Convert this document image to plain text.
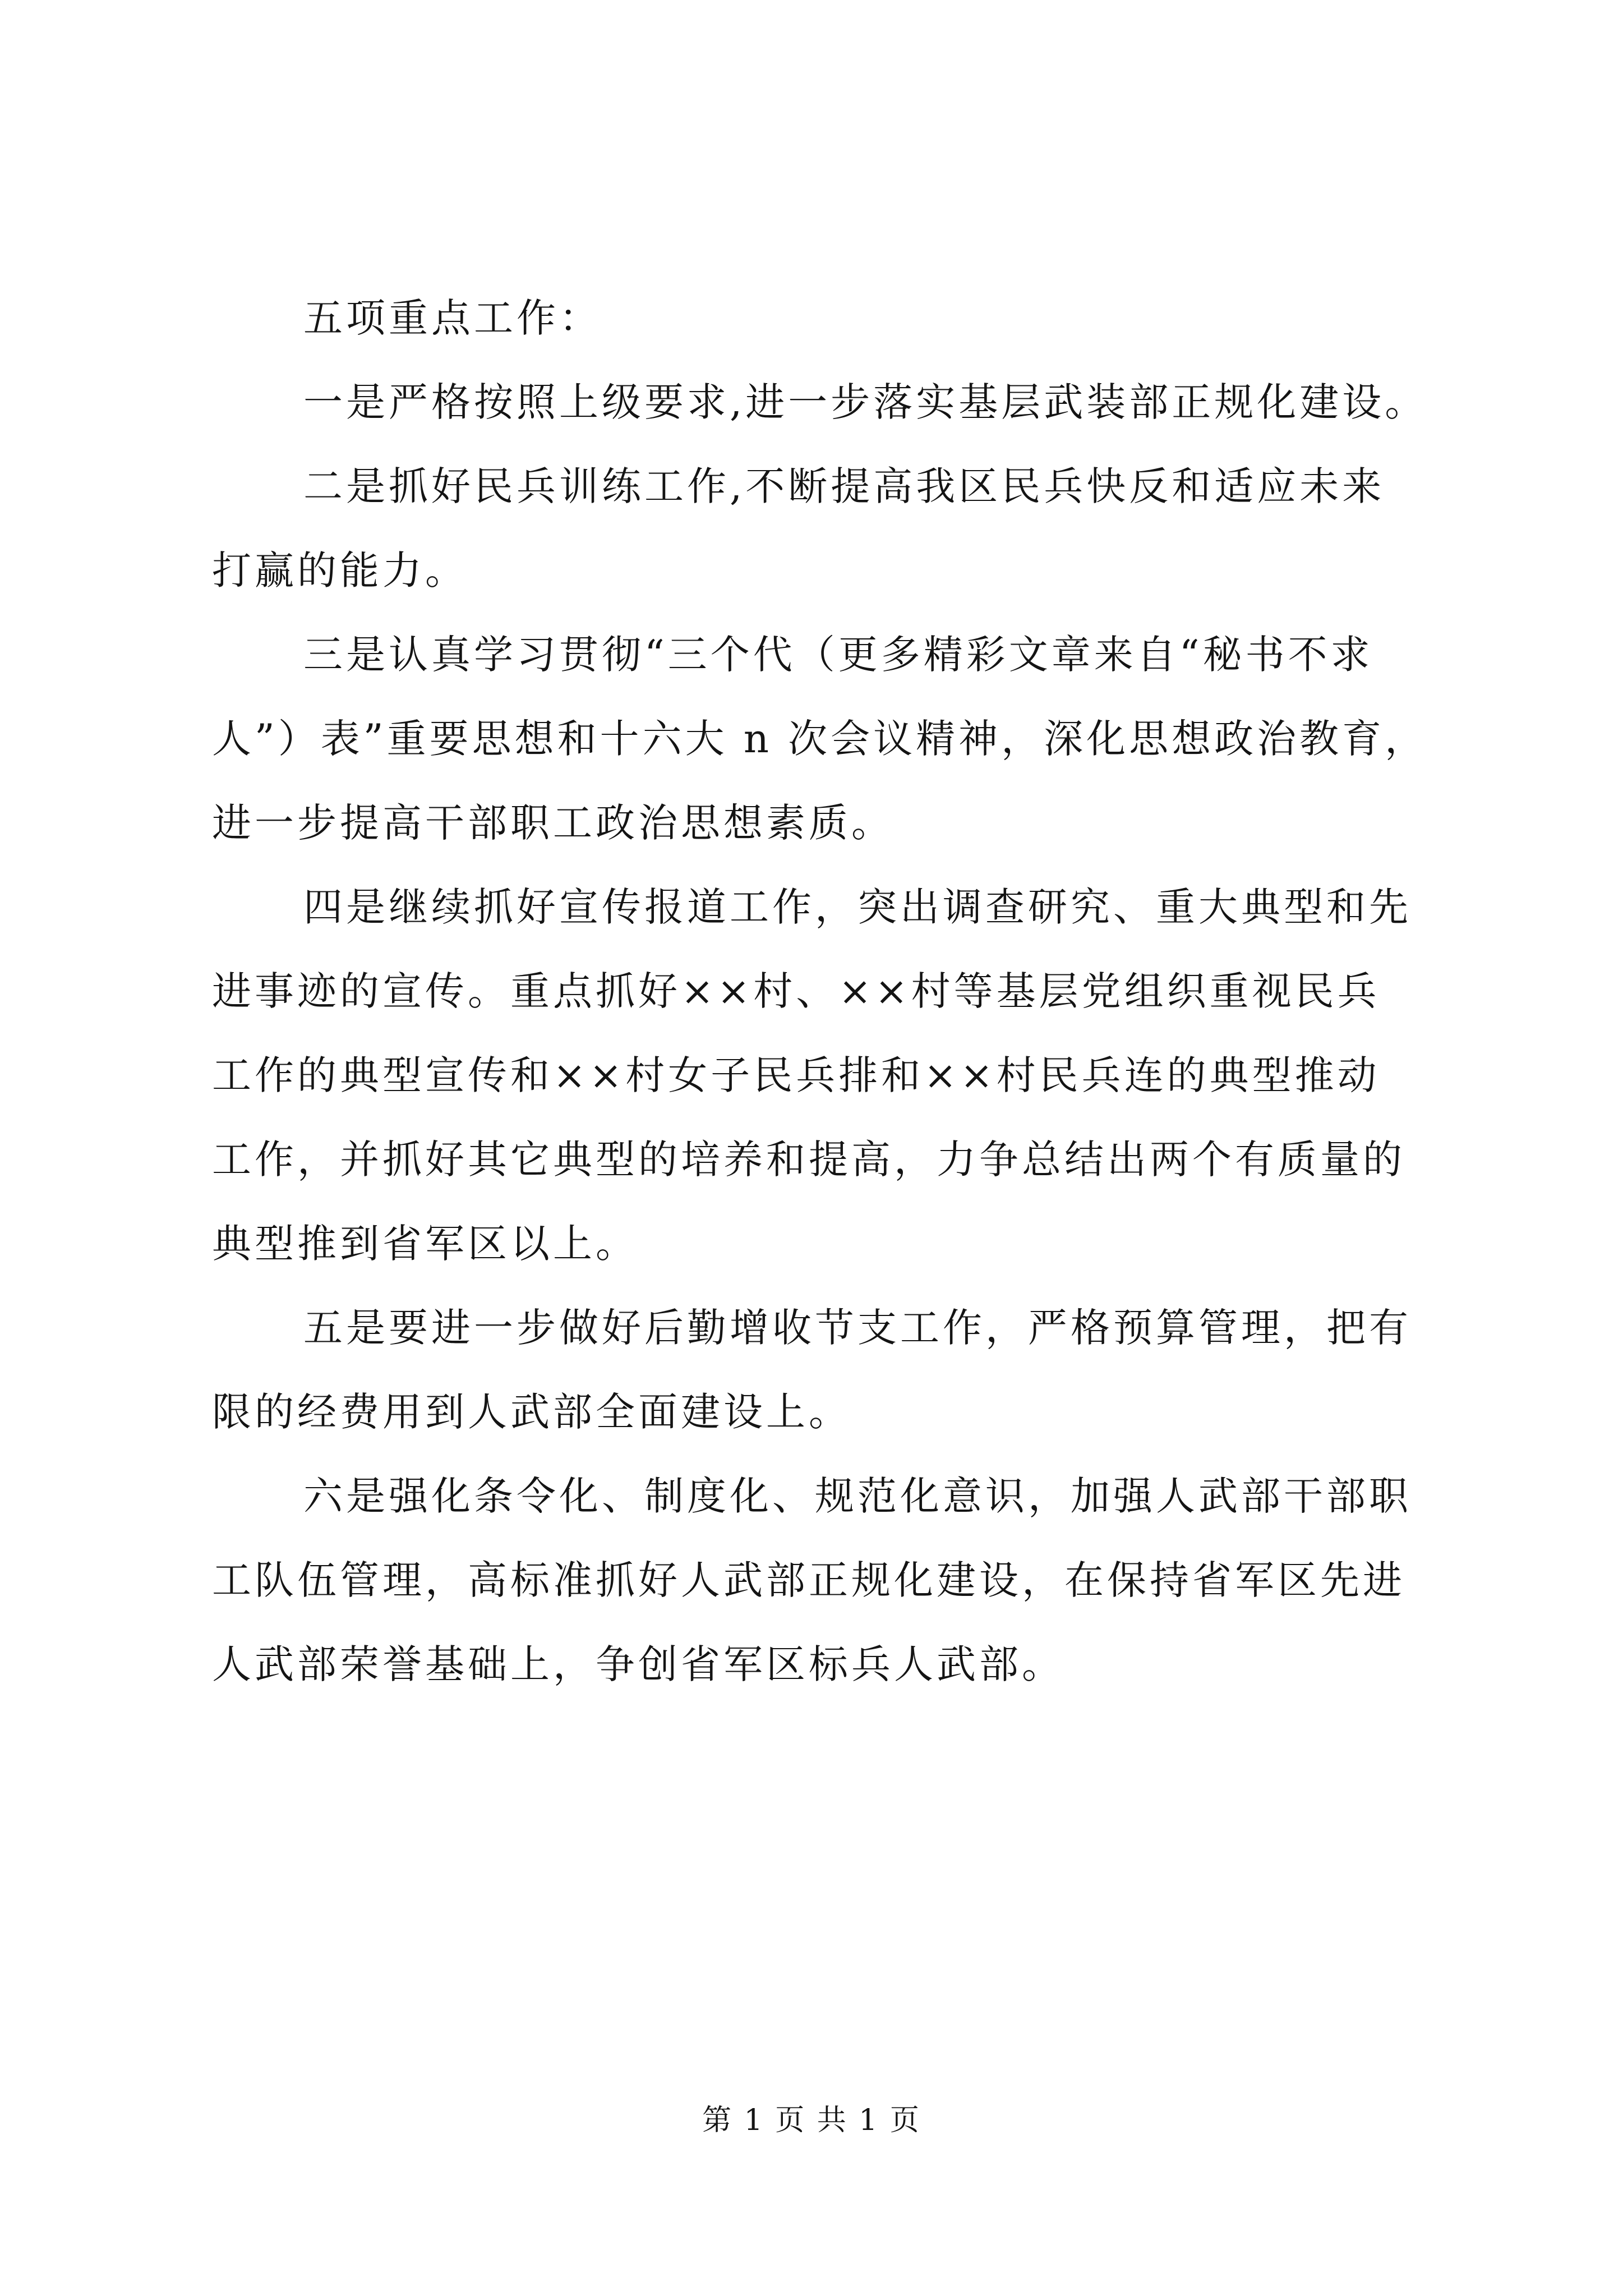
五项重点工作：

一是严格按照上级要求,进一步落实基层武装部正规化建设。

二是抓好民兵训练工作,不断提高我区民兵快反和适应未来

打赢的能力。

三是认真学习贯彻“三个代（更多精彩文章来自“秘书不求

人”）表”重要思想和十六大 n 次会议精神，深化思想政治教育，

进一步提高干部职工政治思想素质。

四是继续抓好宣传报道工作，突出调查研究、重大典型和先

进事迹的宣传。重点抓好××村、××村等基层党组织重视民兵

工作的典型宣传和××村女子民兵排和××村民兵连的典型推动

工作，并抓好其它典型的培养和提高，力争总结出两个有质量的

典型推到省军区以上。

五是要进一步做好后勤增收节支工作，严格预算管理，把有

限的经费用到人武部全面建设上。

六是强化条令化、制度化、规范化意识，加强人武部干部职

工队伍管理，高标准抓好人武部正规化建设，在保持省军区先进

人武部荣誉基础上，争创省军区标兵人武部。

第 1 页 共 1 页
